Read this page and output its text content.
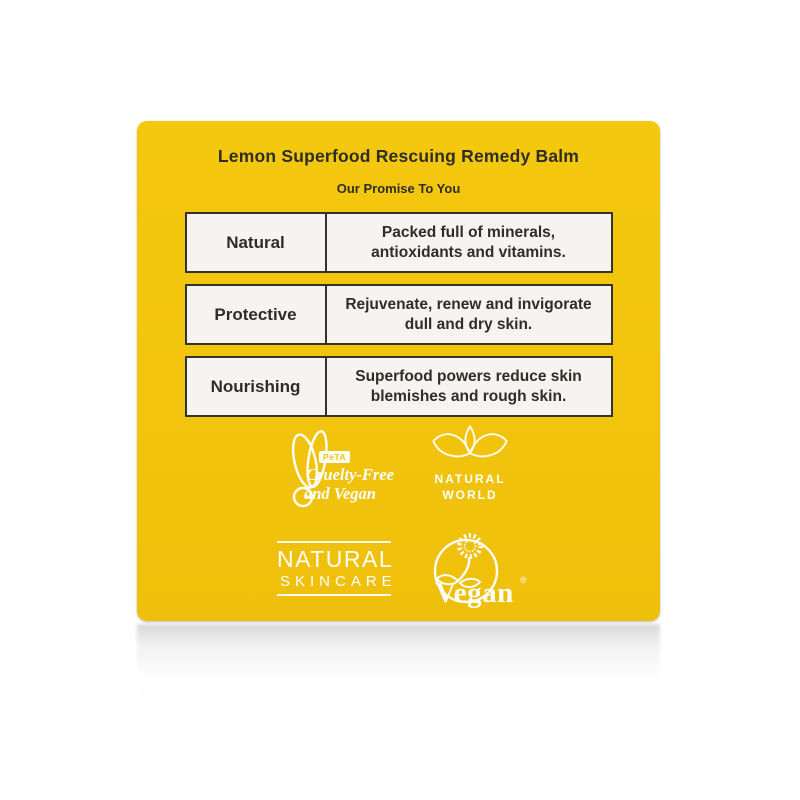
Lemon Superfood Rescuing Remedy Balm
Our Promise To You
Natural
Packed full of minerals,
antioxidants and vitamins.
Protective
Rejuvenate, renew and invigorate
dull and dry skin.
Nourishing
Superfood powers reduce skin
blemishes and rough skin.
PeTA
Cruelty-Free
and Vegan
NATURAL
WORLD
NATURAL
SKINCARE Vegan ®
